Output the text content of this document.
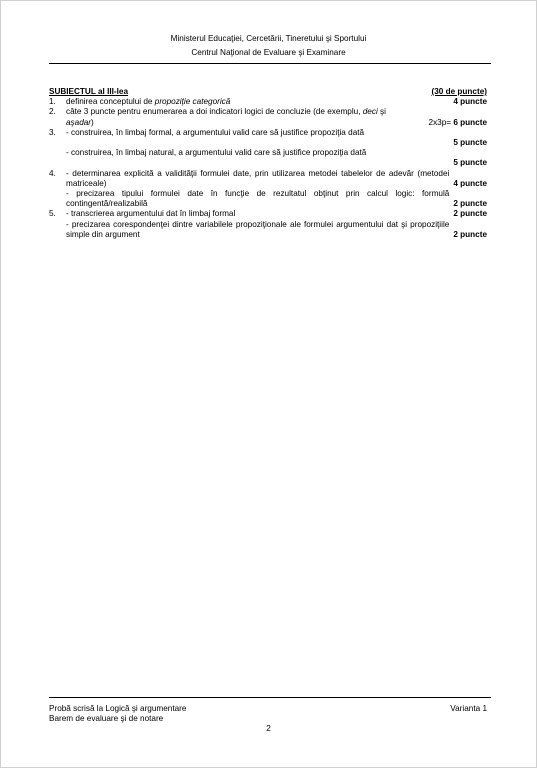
Ministerul Educaţiei, Cercetării, Tineretului şi Sportului
Centrul Naţional de Evaluare şi Examinare
SUBIECTUL al III-lea	(30 de puncte)
1.	definirea conceptului de propoziţie categorică	4 puncte
2.	câte 3 puncte pentru enumerarea a doi indicatori logici de concluzie (de exemplu, deci şi
aşadar)	2x3p= 6 puncte
3.	- construirea, în limbaj formal, a argumentului valid care să justifice propoziţia dată
5 puncte
- construirea, în limbaj natural, a argumentului valid care să justifice propoziţia dată
5 puncte
4.	- determinarea explicită a validităţii formulei date, prin utilizarea metodei tabelelor de adevăr (metodei matriceale)	4 puncte
- precizarea tipului formulei date în funcţie de rezultatul obţinut prin calcul logic: formulă contingentă/realizabilă	2 puncte
5.	- transcrierea argumentului dat în limbaj formal	2 puncte
- precizarea corespondenţei dintre variabilele propoziţionale ale formulei argumentului dat şi propoziţiile simple din argument	2 puncte
Probă scrisă la Logică şi argumentare	Varianta 1
Barem de evaluare şi de notare
2
